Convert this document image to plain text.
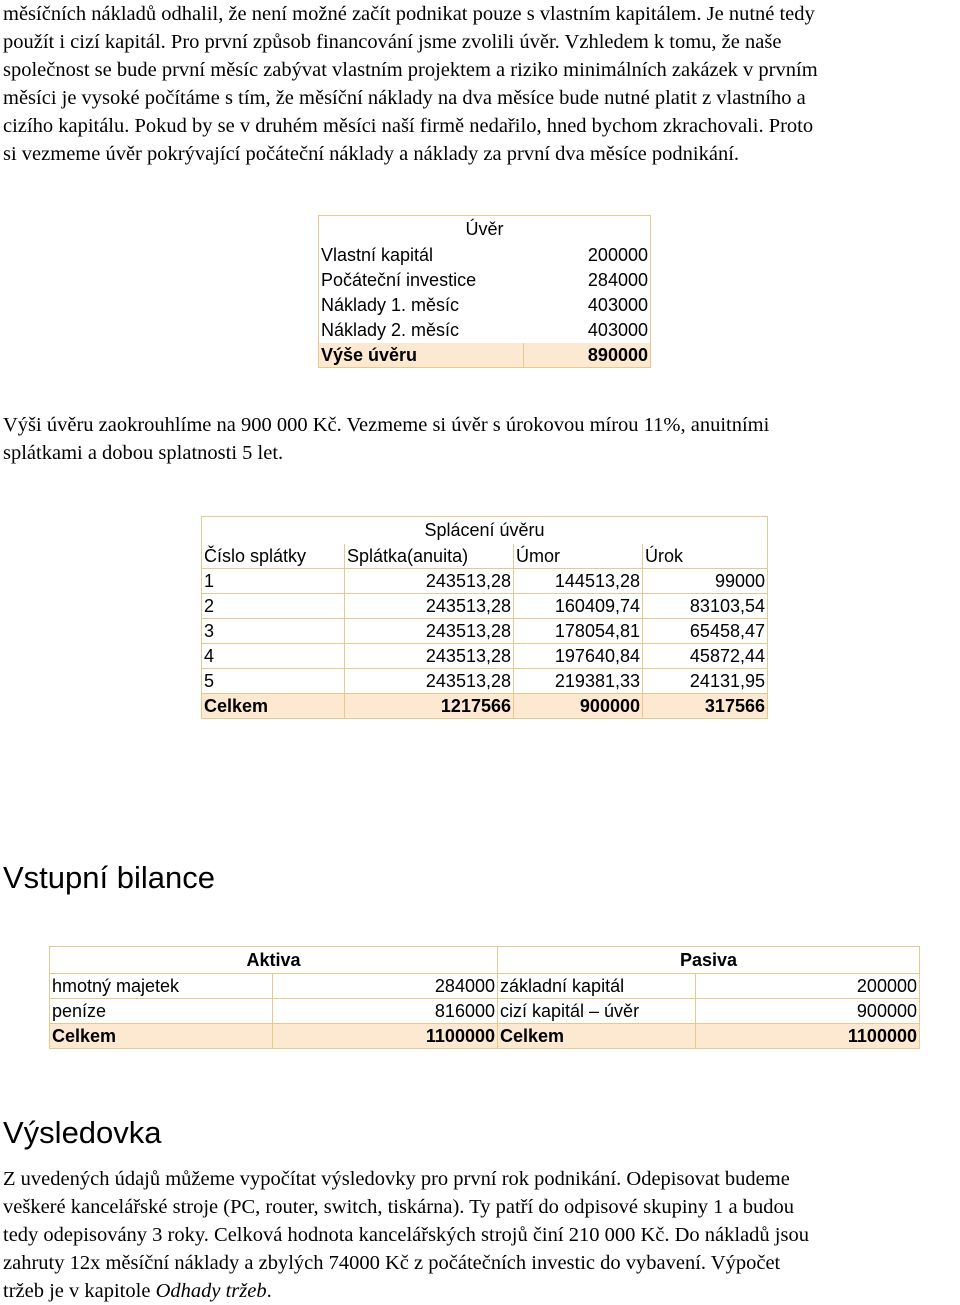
měsíčních nákladů odhalil, že není možné začít podnikat pouze s vlastním kapitálem. Je nutné tedy
použít i cizí kapitál. Pro první způsob financování jsme zvolili úvěr. Vzhledem k tomu, že naše
společnost se bude první měsíc zabývat vlastním projektem a riziko minimálních zakázek v prvním
měsíci je vysoké počítáme s tím, že měsíční náklady na dva měsíce bude nutné platit z vlastního a
cizího kapitálu. Pokud by se v druhém měsíci naší firmě nedařilo, hned bychom zkrachovali. Proto
si vezmeme úvěr pokrývající počáteční náklady a náklady za první dva měsíce podnikání.
Úvěr	
Vlastní kapitál	200000
Počáteční investice	284000
Náklady 1. měsíc	403000
Náklady 2. měsíc	403000
Výše úvěru	890000
Výši úvěru zaokrouhlíme na 900 000 Kč. Vezmeme si úvěr s úrokovou mírou 11%, anuitními
splátkami a dobou splatnosti 5 let.
Splácení úvěru			
Číslo splátky	Splátka(anuita)	Úmor	Úrok
1	243513,28	144513,28	99000
2	243513,28	160409,74	83103,54
3	243513,28	178054,81	65458,47
4	243513,28	197640,84	45872,44
5	243513,28	219381,33	24131,95
Celkem	1217566	900000	317566
Vstupní bilance
Aktiva		Pasiva	
hmotný majetek	284000	základní kapitál	200000
peníze	816000	cizí kapitál – úvěr	900000
Celkem	1100000	Celkem	1100000
Výsledovka
Z uvedených údajů můžeme vypočítat výsledovky pro první rok podnikání. Odepisovat budeme
veškeré kancelářské stroje (PC, router, switch, tiskárna). Ty patří do odpisové skupiny 1 a budou
tedy odepisovány 3 roky. Celková hodnota kancelářských strojů činí 210 000 Kč. Do nákladů jsou
zahruty 12x měsíční náklady a zbylých 74000 Kč z počátečních investic do vybavení. Výpočet
tržeb je v kapitole Odhady tržeb.
